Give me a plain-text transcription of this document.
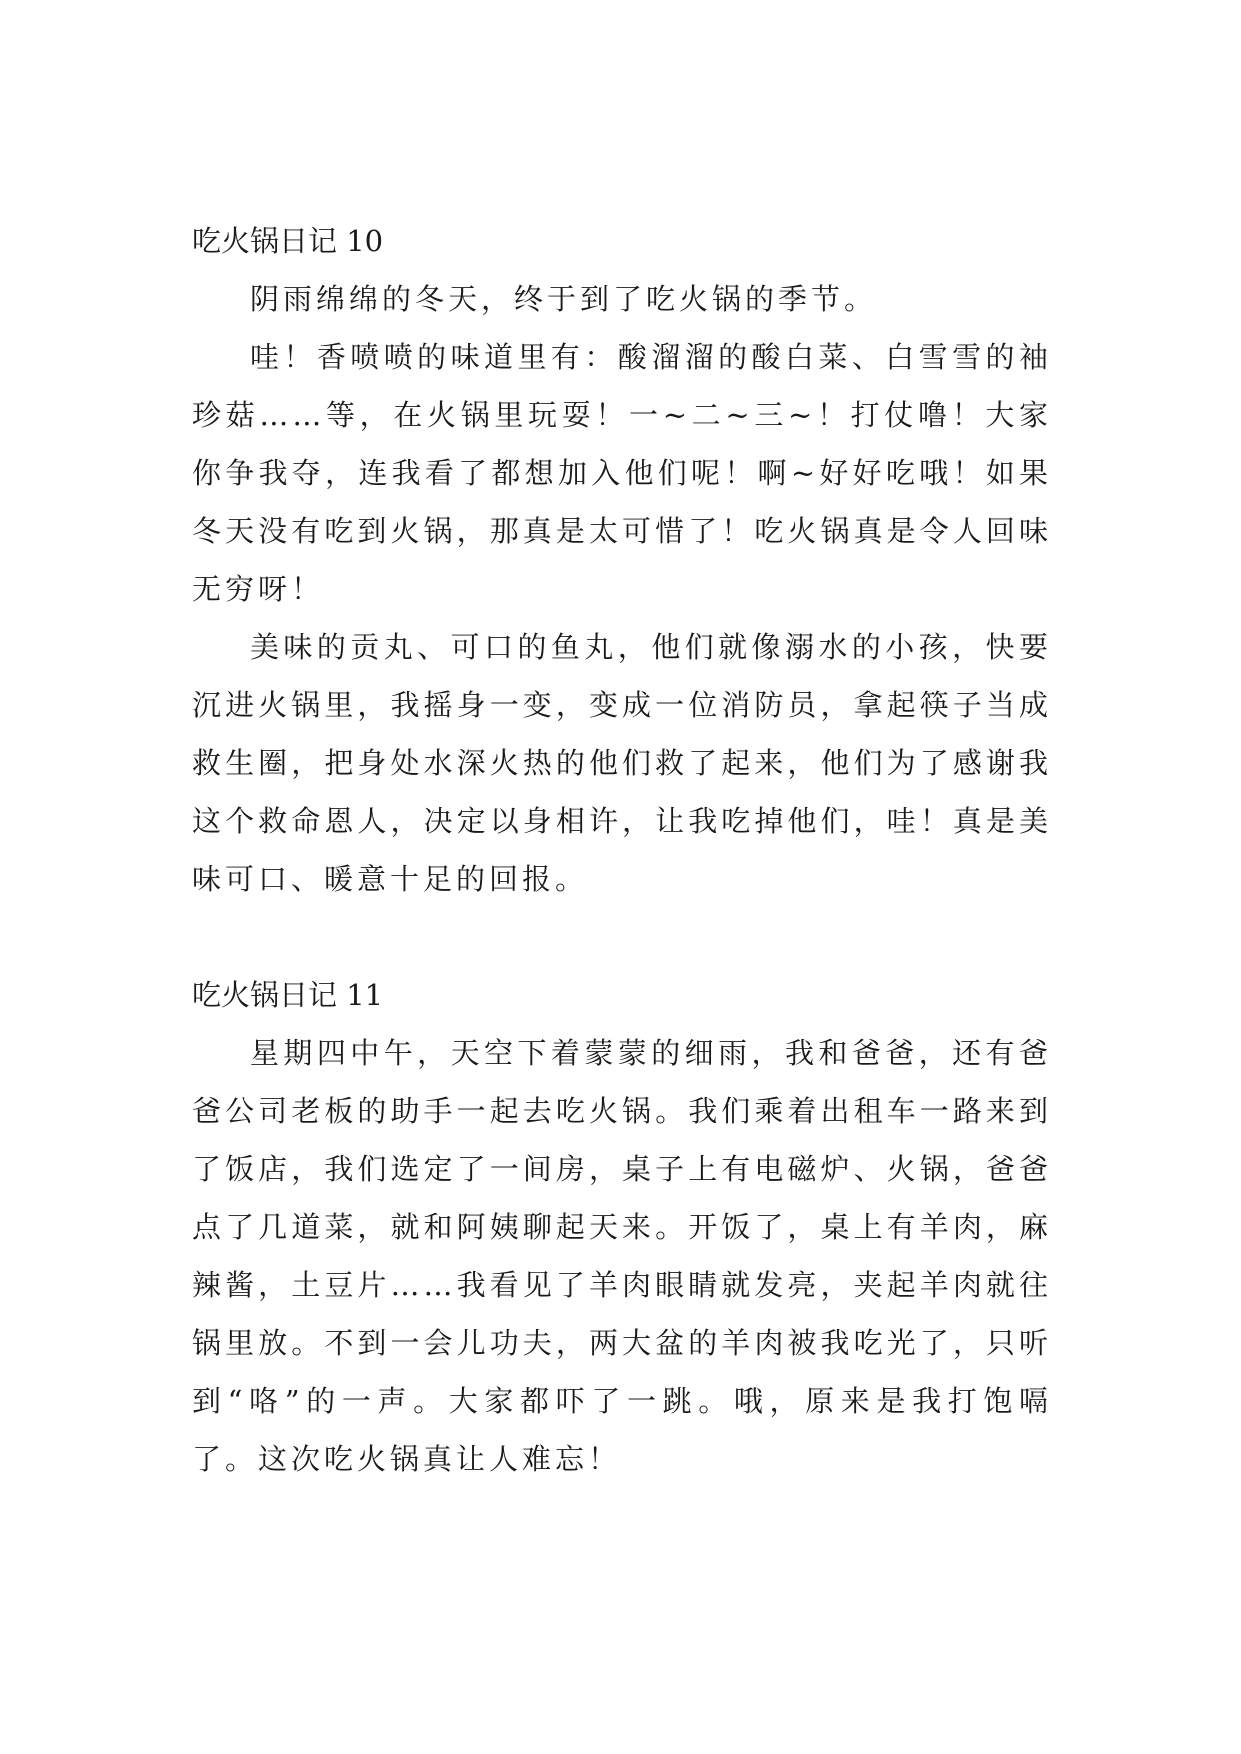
吃火锅日记 10

阴雨绵绵的冬天，终于到了吃火锅的季节。

哇！香喷喷的味道里有：酸溜溜的酸白菜、白雪雪的袖珍菇……等，在火锅里玩耍！一~二~三~！打仗噜！大家你争我夺，连我看了都想加入他们呢！啊~好好吃哦！如果冬天没有吃到火锅，那真是太可惜了！吃火锅真是令人回味无穷呀！

美味的贡丸、可口的鱼丸，他们就像溺水的小孩，快要沉进火锅里，我摇身一变，变成一位消防员，拿起筷子当成救生圈，把身处水深火热的他们救了起来，他们为了感谢我这个救命恩人，决定以身相许，让我吃掉他们，哇！真是美味可口、暖意十足的回报。

吃火锅日记 11

星期四中午，天空下着蒙蒙的细雨，我和爸爸，还有爸爸公司老板的助手一起去吃火锅。我们乘着出租车一路来到了饭店，我们选定了一间房，桌子上有电磁炉、火锅，爸爸点了几道菜，就和阿姨聊起天来。开饭了，桌上有羊肉，麻辣酱，土豆片……我看见了羊肉眼睛就发亮，夹起羊肉就往锅里放。不到一会儿功夫，两大盆的羊肉被我吃光了，只听到“咯”的一声。大家都吓了一跳。哦，原来是我打饱嗝了。这次吃火锅真让人难忘！
